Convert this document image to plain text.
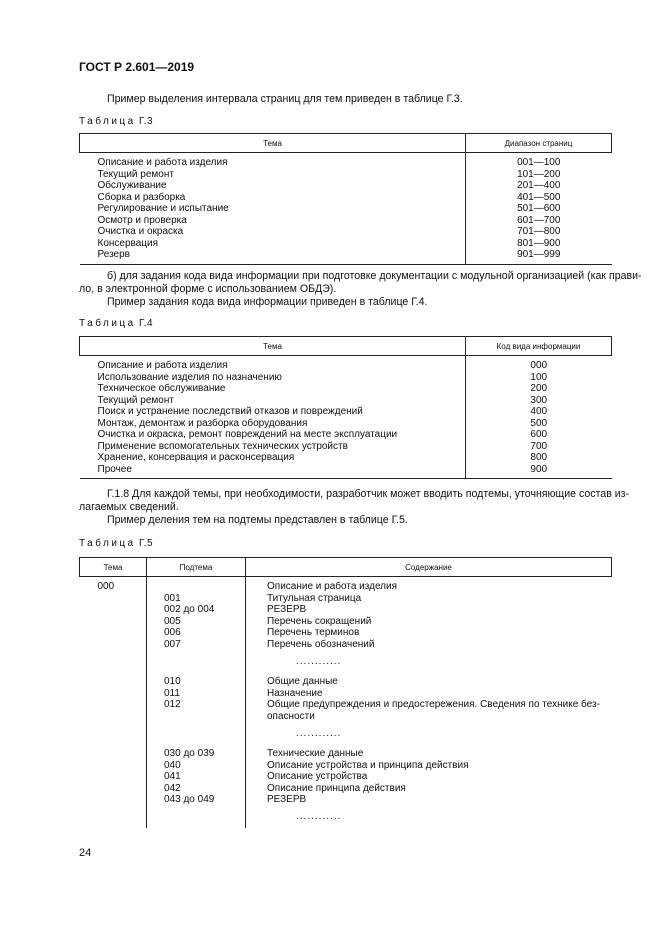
ГОСТ Р 2.601—2019
Пример выделения интервала страниц для тем приведен в таблице Г.3.
Таблица Г.3
Тема	Диапазон страниц
Описание и работа изделия	001—100
Текущий ремонт	101—200
Обслуживание	201—400
Сборка и разборка	401—500
Регулирование и испытание	501—600
Осмотр и проверка	601—700
Очистка и окраска	701—800
Консервация	801—900
Резерв	901—999
б) для задания кода вида информации при подготовке документации с модульной организацией (как прави-
ло, в электронной форме с использованием ОБДЭ).
Пример задания кода вида информации приведен в таблице Г.4.
Таблица Г.4
Тема	Код вида информации
Описание и работа изделия	000
Использование изделия по назначению	100
Техническое обслуживание	200
Текущий ремонт	300
Поиск и устранение последствий отказов и повреждений	400
Монтаж, демонтаж и разборка оборудования	500
Очистка и окраска, ремонт повреждений на месте эксплуатации	600
Применение вспомогательных технических устройств	700
Хранение, консервация и расконсервация	800
Прочее	900
Г.1.8 Для каждой темы, при необходимости, разработчик может вводить подтемы, уточняющие состав из-
лагаемых сведений.
Пример деления тем на подтемы представлен в таблице Г.5.
Таблица Г.5
Тема	Подтема	Содержание
000		Описание и работа изделия
	001	Титульная страница
	002 до 004	РЕЗЕРВ
	005	Перечень сокращений
	006	Перечень терминов
	007	Перечень обозначений
		............
	010	Общие данные
	011	Назначение
	012	Общие предупреждения и предостережения. Сведения по технике без-
		опасности
		............
	030 до 039	Технические данные
	040	Описание устройства и принципа действия
	041	Описание устройства
	042	Описание принципа действия
	043 до 049	РЕЗЕРВ
		............
24
